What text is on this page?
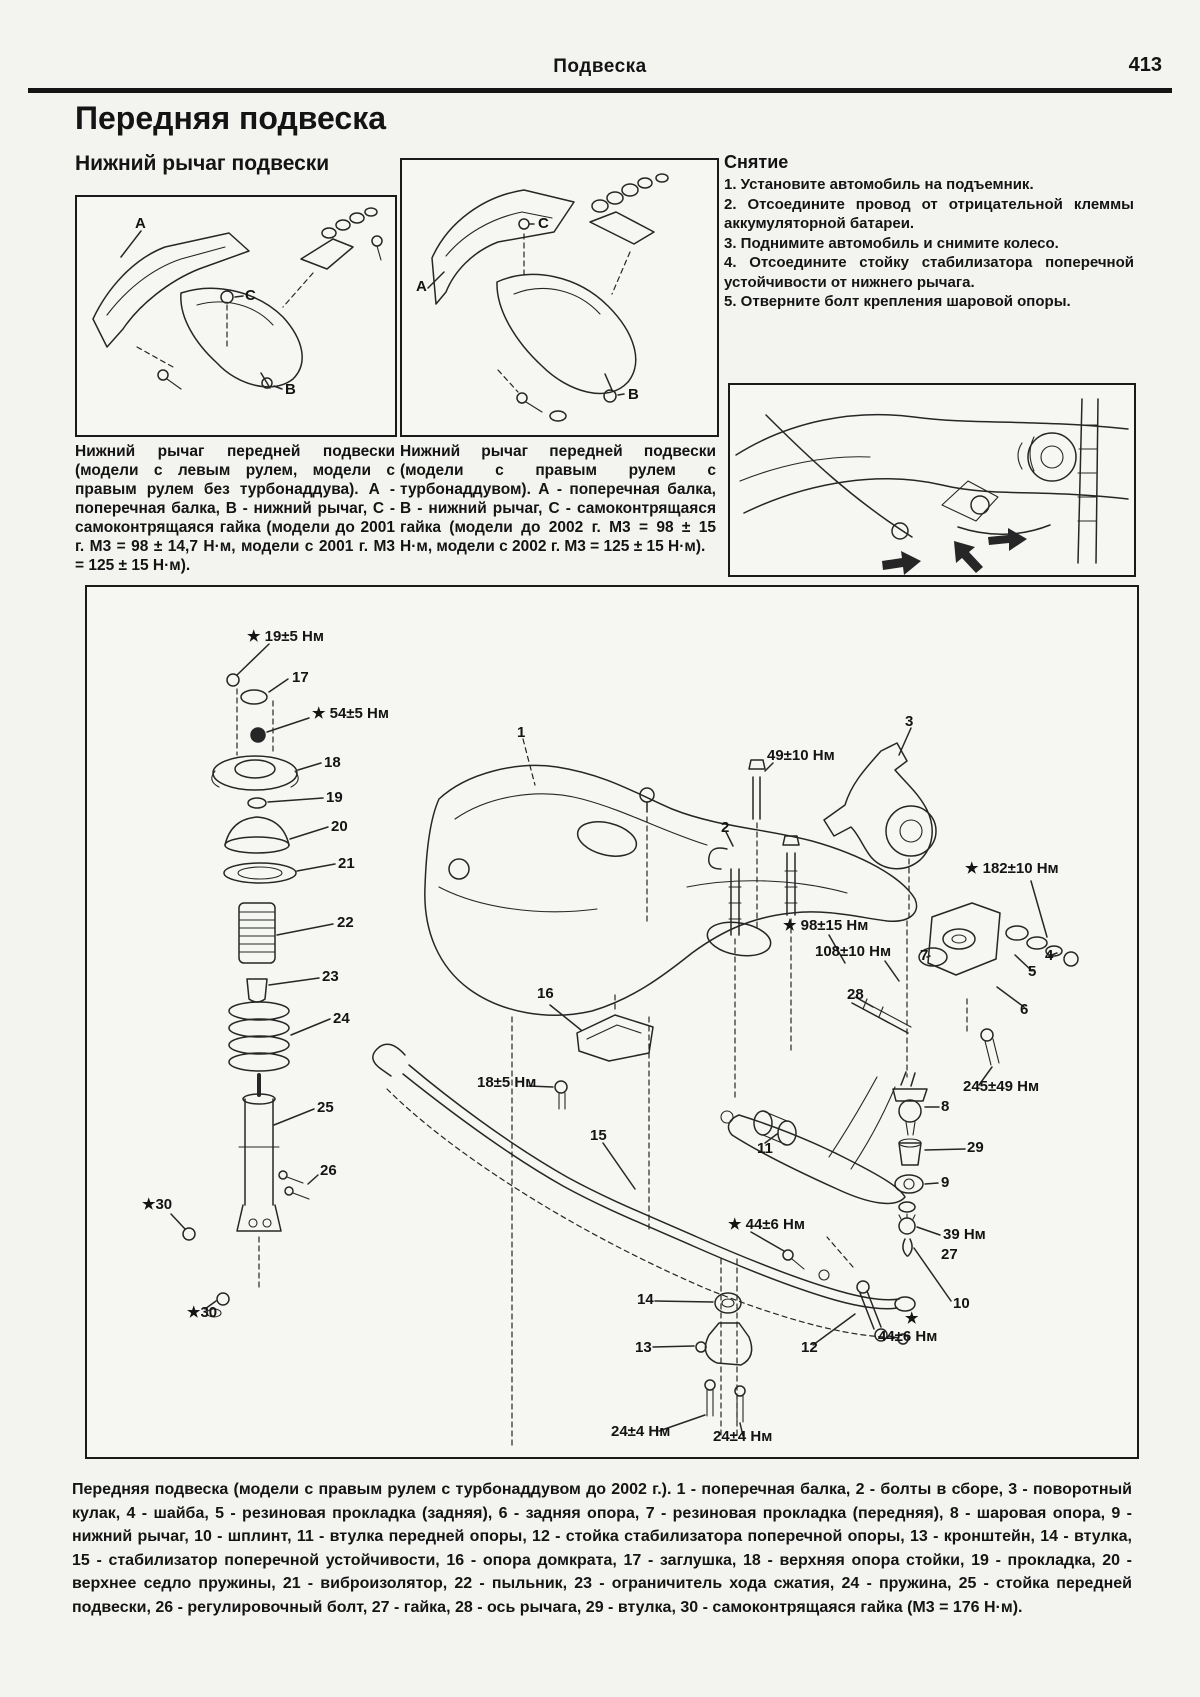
Подвеска	413
Передняя подвеска
Нижний рычаг подвески
A
C
B
Нижний рычаг передней подвески (модели с левым рулем, модели с правым рулем без турбонаддува). А - поперечная балка, В - нижний рычаг, С - самоконтрящаяся гайка (модели до 2001 г. М3 = 98 ± 14,7 Н·м, модели с 2001 г. М3 = 125 ± 15 Н·м).
A
C
B
Нижний рычаг передней подвески (модели с правым рулем с турбонаддувом). А - поперечная балка, В - нижний рычаг, С - самоконтрящаяся гайка (модели до 2002 г. М3 = 98 ± 15 Н·м, модели с 2002 г. М3 = 125 ± 15 Н·м).
Снятие

1. Установите автомобиль на подъемник.

2. Отсоедините провод от отрицательной клеммы аккумуляторной батареи.

3. Поднимите автомобиль и снимите колесо.

4. Отсоедините стойку стабилизатора поперечной устойчивости от нижнего рычага.

5. Отверните болт крепления шаровой опоры.

★ 19±5 Нм
17
★ 54±5 Нм
18
19
20
21
22
23
24
25
26
★30
★30
1
49±10 Нм
2
3
★ 182±10 Нм
★ 98±15 Нм
108±10 Нм 7
5
4
6
28
245±49 Нм
8
29
9
39 Нм
27
10
★
44±6 Нм
★ 44±6 Нм
11
15
18±5 Нм
16
14
13	12
24±4 Нм	24±4 Нм

Передняя подвеска (модели с правым рулем с турбонаддувом до 2002 г.). 1 - поперечная балка, 2 - болты в сборе, 3 - поворотный кулак, 4 - шайба, 5 - резиновая прокладка (задняя), 6 - задняя опора, 7 - резиновая прокладка (передняя), 8 - шаровая опора, 9 - нижний рычаг, 10 - шплинт, 11 - втулка передней опоры, 12 - стойка стабилизатора поперечной опоры, 13 - кронштейн, 14 - втулка, 15 - стабилизатор поперечной устойчивости, 16 - опора домкрата, 17 - заглушка, 18 - верхняя опора стойки, 19 - прокладка, 20 - верхнее седло пружины, 21 - виброизолятор, 22 - пыльник, 23 - ограничитель хода сжатия, 24 - пружина, 25 - стойка передней подвески, 26 - регулировочный болт, 27 - гайка, 28 - ось рычага, 29 - втулка, 30 - самоконтрящаяся гайка (М3 = 176 Н·м).
